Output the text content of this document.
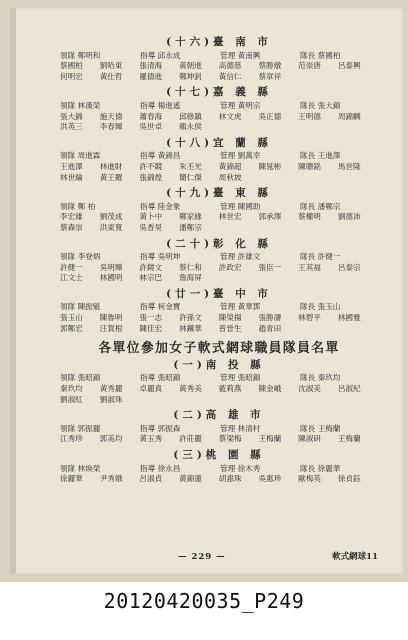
(十六)臺 南 市
領隊 鄭明和	指導 邱永成	管理 黃南興	隊長 蔡國柏
蔡國柏	劉哈東	張清海	黃朝進	高德慈	蔡勝燉	范崇唐	呂泰興
何明宏	黃仕哲	羅德進	鄭坤釗	黃信仁	蔡章祥
(十七)嘉 義 縣
領隊 林漢榮	指導 楊進遙	管理 黃明宗	隊長 張大錦
張大錦	施天德	蕭春海	邱修鎮	林文虎	吳正德	王明德	周錦麟
洪英三	李春輝	吳世卓	賴永侯
(十八)宜 蘭 縣
領隊 周進霖	指導 黃錦昌	管理 劉萬幸	隊長 王進澤
王進澤	林進財	許不競	朱丕光	黃錦超	陳晁彬	陳聰銘	馬世隆
林世綸	黃王羅	張錦煌	簡仁傑	周秋坡
(十九)臺 東 縣
領隊 鄭 柏	指導 陸金象	管理 陳國助	隊長 潘鄭宗
李宏雄	劉茂成	黃卜中	鄭家緣	林世宏	郭承澤	蔡權明	劉德沛
蔡森崇	洪東寬	吳香昊	潘鄭宗
(二十)彰 化 縣
領隊 李登炳	指導 吳明坤	管理 許雄文	隊長 許健一
許健一	吳明輝	許鏡文	蔡仁和	許政宏	張臣一	王其福	呂泰宗
江文士	林國明	林宗巴	詹海屏
(廿一)臺 中 市
領隊 陳振魁	指導 柯金寶	管理 黃華鄧	隊長 張玉山
張玉山	陳魯明	張一志	許孫文	陳榮揚	張勝濤	林碧平	林國雅
郭鄭宏	汪賀根	陳佳宏	林鐵華	曾晉生	趙青田
各單位參加女子軟式網球職員隊員名單
(一)南 投 縣
領隊 張昭錦	指導 張昭錦	管理 張昭錦	隊長 秦玖均
秦玖均	黃秀麗	卓麗真	黃秀美	藍莉燕	陳金峨	沈淑美	呂淑紀
劉淑紅	劉淑珠
(二)高 雄 市
領隊 郭振麗	指導 郭振森	管理 林清村	隊長 王梅蘭
江秀珍	郭美均	黃玉秀	許莊麗	蔡梁梅	王梅蘭	陳淑研	王梅蘭
(三)桃 園 縣
領隊 林焕榮	指導 徐永昌	管理 徐木秀	隊長 徐麗華
徐麗華	尹秀娥	呂淑貞	黃錦蓮	胡惠珠	吳惠珍	歐梅英	徐貞鈺
— 229 —	軟式網球11
20120420035_P249
